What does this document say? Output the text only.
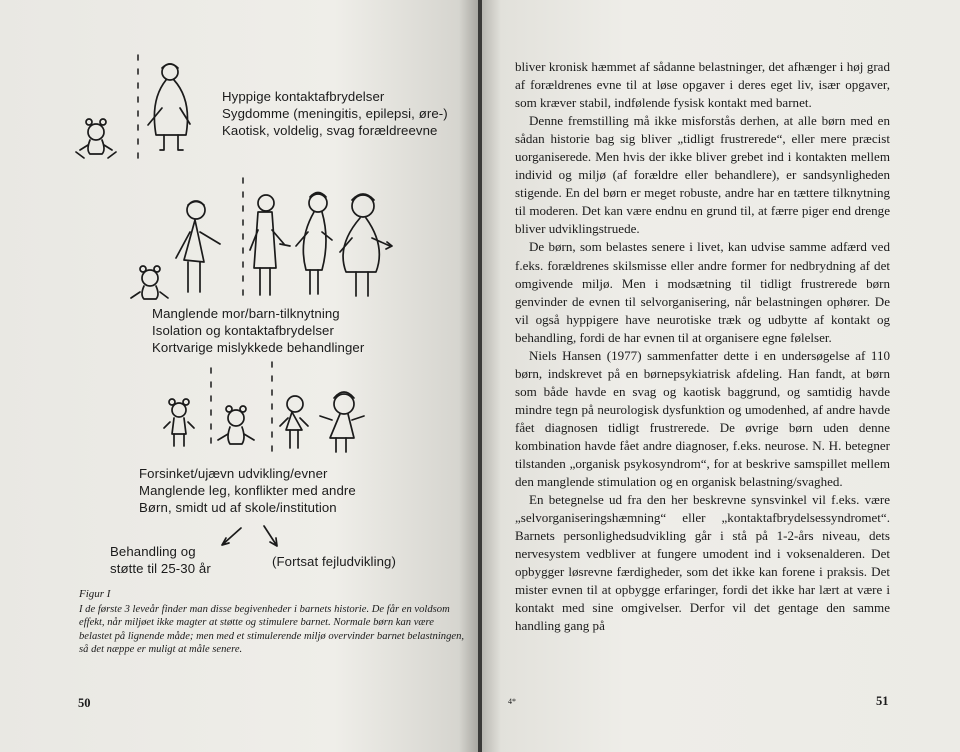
Hyppige kontaktafbrydelser
Sygdomme (meningitis, epilepsi, øre-)
Kaotisk, voldelig, svag forældreevne
Manglende mor/barn-tilknytning
Isolation og kontaktafbrydelser
Kortvarige mislykkede behandlinger
Forsinket/ujævn udvikling/evner
Manglende leg, konflikter med andre
Børn, smidt ud af skole/institution
Behandling og
støtte til 25-30 år	(Fortsat fejludvikling)
Figur I
I de første 3 leveår finder man disse begivenheder i barnets historie. De får en voldsom effekt, når miljøet ikke magter at støtte og stimulere barnet. Normale børn kan være belastet på lignende måde; men med et stimulerende miljø overvinder barnet belastningen, så det næppe er muligt at måle senere.
50

bliver kronisk hæmmet af sådanne belastninger, det afhænger i høj grad af forældrenes evne til at løse opgaver i deres eget liv, især opgaver, som kræver stabil, indfølende fysisk kontakt med barnet.

Denne fremstilling må ikke misforstås derhen, at alle børn med en sådan historie bag sig bliver „tidligt frustrerede“, eller mere præcist uorganiserede. Men hvis der ikke bliver grebet ind i kontakten mellem individ og miljø (af forældre eller behandlere), er sandsynligheden stigende. En del børn er meget robuste, andre har en tættere tilknytning til moderen. Det kan være endnu en grund til, at færre piger end drenge bliver udviklingstruede.

De børn, som belastes senere i livet, kan udvise samme adfærd ved f.eks. forældrenes skilsmisse eller andre former for nedbrydning af det omgivende miljø. Men i modsætning til tidligt frustrerede børn genvinder de evnen til selvorganisering, når belastningen ophører. De vil også hyppigere have neurotiske træk og udbytte af kontakt og behandling, fordi de har evnen til at organisere egne følelser.

Niels Hansen (1977) sammenfatter dette i en undersøgelse af 110 børn, indskrevet på en børnepsykiatrisk afdeling. Han fandt, at børn som både havde en svag og kaotisk baggrund, og samtidig havde mindre tegn på neurologisk dysfunktion og umodenhed, af andre havde fået diagnosen tidligt frustrerede. De øvrige børn uden denne kombination havde fået andre diagnoser, f.eks. neurose. N. H. betegner tilstanden „organisk psykosyndrom“, for at beskrive samspillet mellem den manglende stimulation og en organisk belastning/svaghed.

En betegnelse ud fra den her beskrevne synsvinkel vil f.eks. være „selvorganiseringshæmning“ eller „kontaktafbrydelsessyndromet“. Barnets personlighedsudvikling går i stå på 1-2-års niveau, dets nervesystem vedbliver at fungere umodent ind i voksenalderen. Det opbygger løsrevne færdigheder, som det ikke kan forene i praksis. Det mister evnen til at opbygge erfaringer, fordi det ikke har lært at være i kontakt med sine omgivelser. Derfor vil det gentage den samme handling gang på

4*	51
